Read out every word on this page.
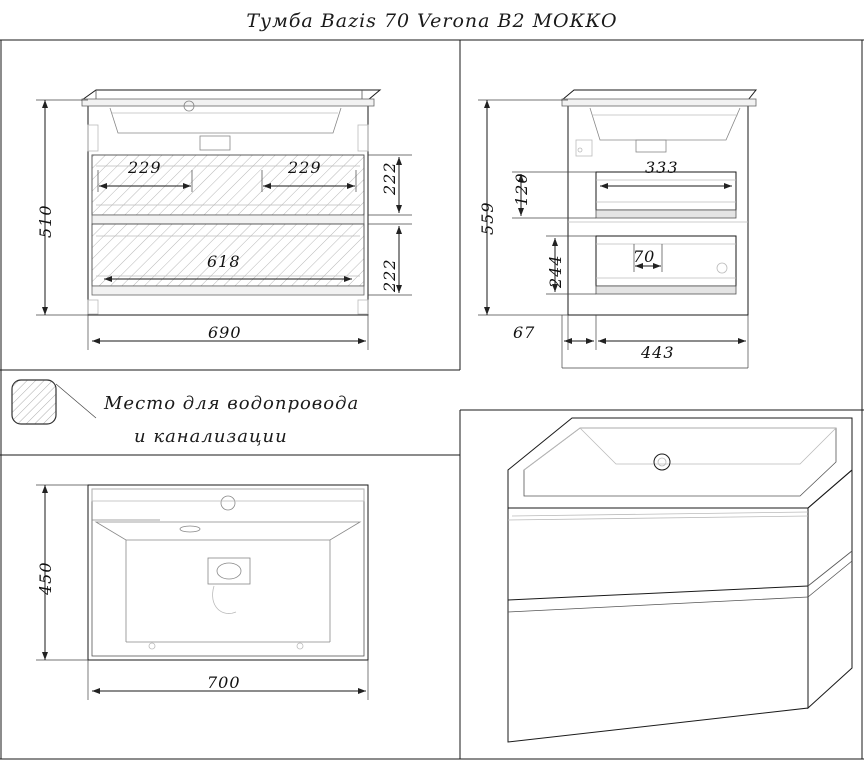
Тумба Bazis 70 Verona B2 МОККО
510
690
229	229
618
222
222
559
120
244
333
70
67
443
450
700
Место для водопровода
и канализации
